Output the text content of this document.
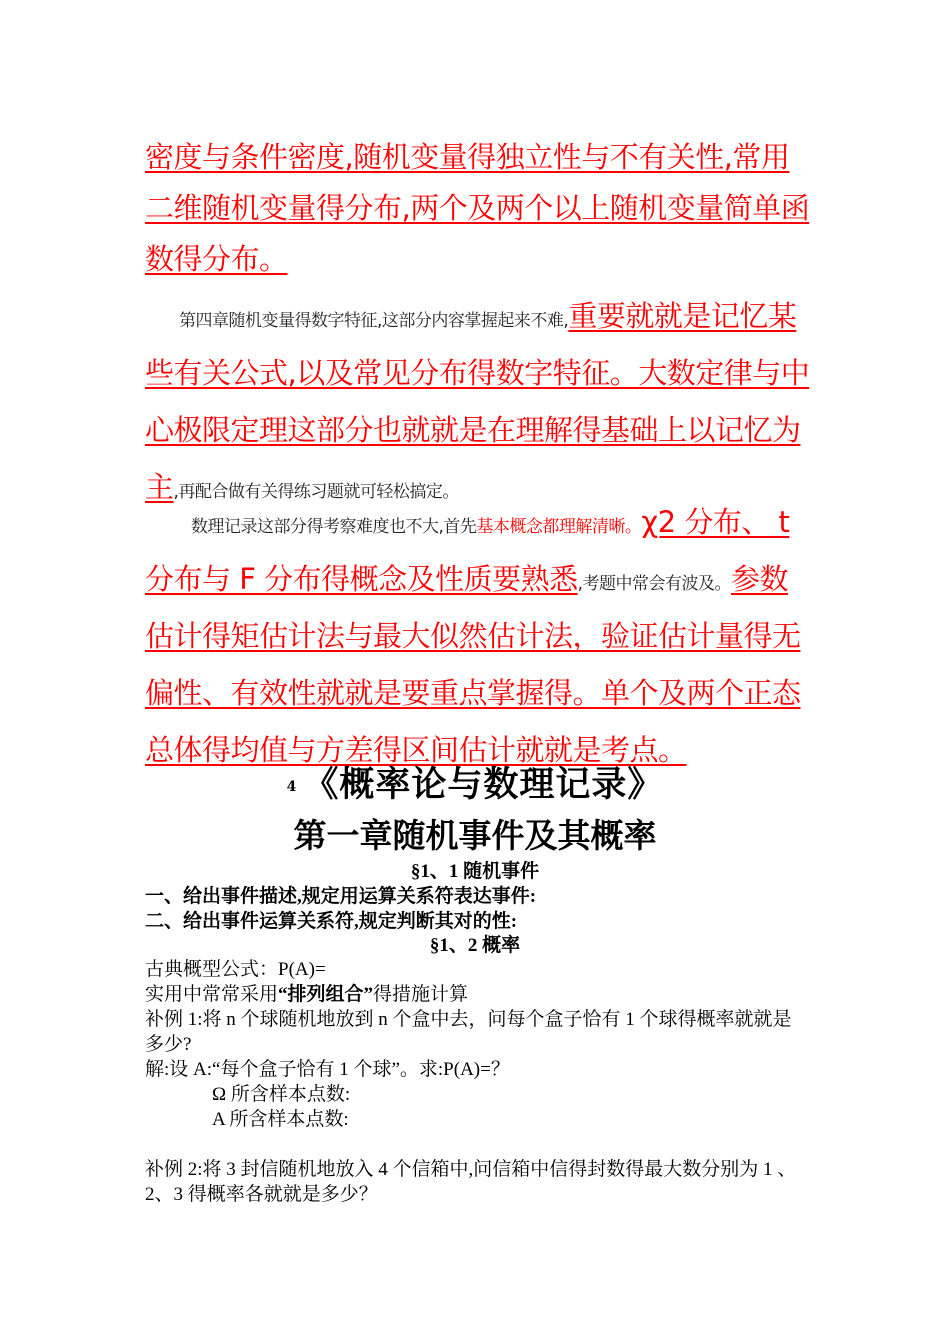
密度与条件密度,随机变量得独立性与不有关性,常用二维随机变量得分布,两个及两个以上随机变量简单函数得分布。
第四章随机变量得数字特征,这部分内容掌握起来不难,重要就就是记忆某些有关公式,以及常见分布得数字特征。大数定律与中心极限定理这部分也就就是在理解得基础上以记忆为主,再配合做有关得练习题就可轻松搞定。
数理记录这部分得考察难度也不大,首先基本概念都理解清晰。χ2 分布、 t 分布与 F 分布得概念及性质要熟悉,考题中常会有波及。参数估计得矩估计法与最大似然估计法，验证估计量得无偏性、有效性就就是要重点掌握得。单个及两个正态总体得均值与方差得区间估计就就是考点。
4 《概率论与数理记录》
第一章随机事件及其概率
§1、1 随机事件
一、给出事件描述,规定用运算关系符表达事件:
二、给出事件运算关系符,规定判断其对的性:
§1、2 概率
古典概型公式：P(A)=
实用中常常采用“排列组合”得措施计算
补例 1:将 n 个球随机地放到 n 个盒中去，问每个盒子恰有 1 个球得概率就就是多少?
解:设 A:“每个盒子恰有 1 个球”。求:P(A)=？
Ω 所含样本点数:
A 所含样本点数:
补例 2:将 3 封信随机地放入 4 个信箱中,问信箱中信得封数得最大数分别为 1 、2、3 得概率各就就是多少？
